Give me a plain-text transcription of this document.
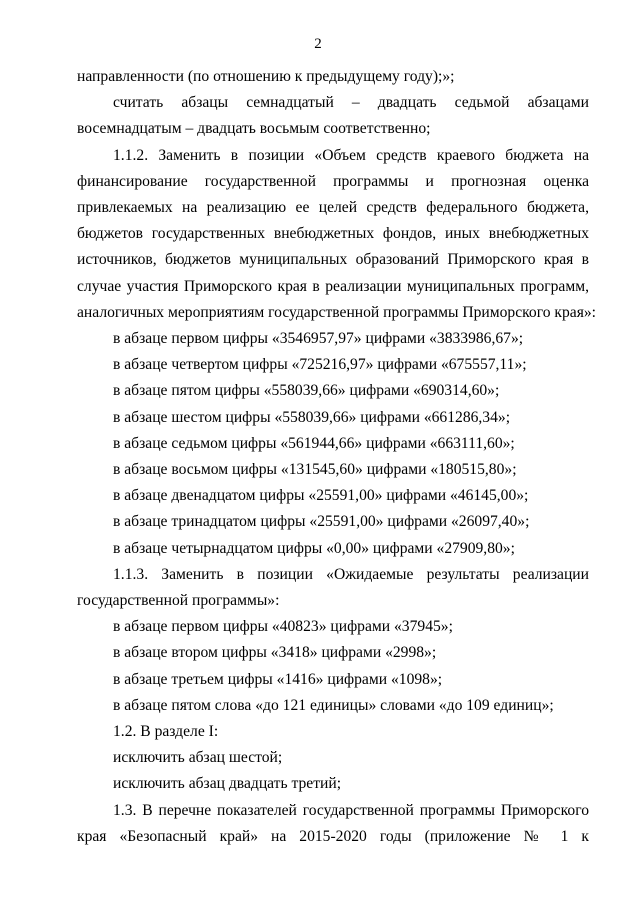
2
направленности (по отношению к предыдущему году);»;
считать абзацы семнадцатый – двадцать седьмой абзацами
восемнадцатым – двадцать восьмым соответственно;
1.1.2. Заменить в позиции «Объем средств краевого бюджета на
финансирование государственной программы и прогнозная оценка
привлекаемых на реализацию ее целей средств федерального бюджета,
бюджетов государственных внебюджетных фондов, иных внебюджетных
источников, бюджетов муниципальных образований Приморского края в
случае участия Приморского края в реализации муниципальных программ,
аналогичных мероприятиям государственной программы Приморского края»:
в абзаце первом цифры «3546957,97» цифрами «3833986,67»;
в абзаце четвертом цифры «725216,97» цифрами «675557,11»;
в абзаце пятом цифры «558039,66» цифрами «690314,60»;
в абзаце шестом цифры «558039,66» цифрами «661286,34»;
в абзаце седьмом цифры «561944,66» цифрами «663111,60»;
в абзаце восьмом цифры «131545,60» цифрами «180515,80»;
в абзаце двенадцатом цифры «25591,00» цифрами «46145,00»;
в абзаце тринадцатом цифры «25591,00» цифрами «26097,40»;
в абзаце четырнадцатом цифры «0,00» цифрами «27909,80»;
1.1.3. Заменить в позиции «Ожидаемые результаты реализации
государственной программы»:
в абзаце первом цифры «40823» цифрами «37945»;
в абзаце втором цифры «3418» цифрами «2998»;
в абзаце третьем цифры «1416» цифрами «1098»;
в абзаце пятом слова «до 121 единицы» словами «до 109 единиц»;
1.2. В разделе I:
исключить абзац шестой;
исключить абзац двадцать третий;
1.3. В перечне показателей государственной программы Приморского
края «Безопасный край» на 2015-2020 годы (приложение № 1 к
